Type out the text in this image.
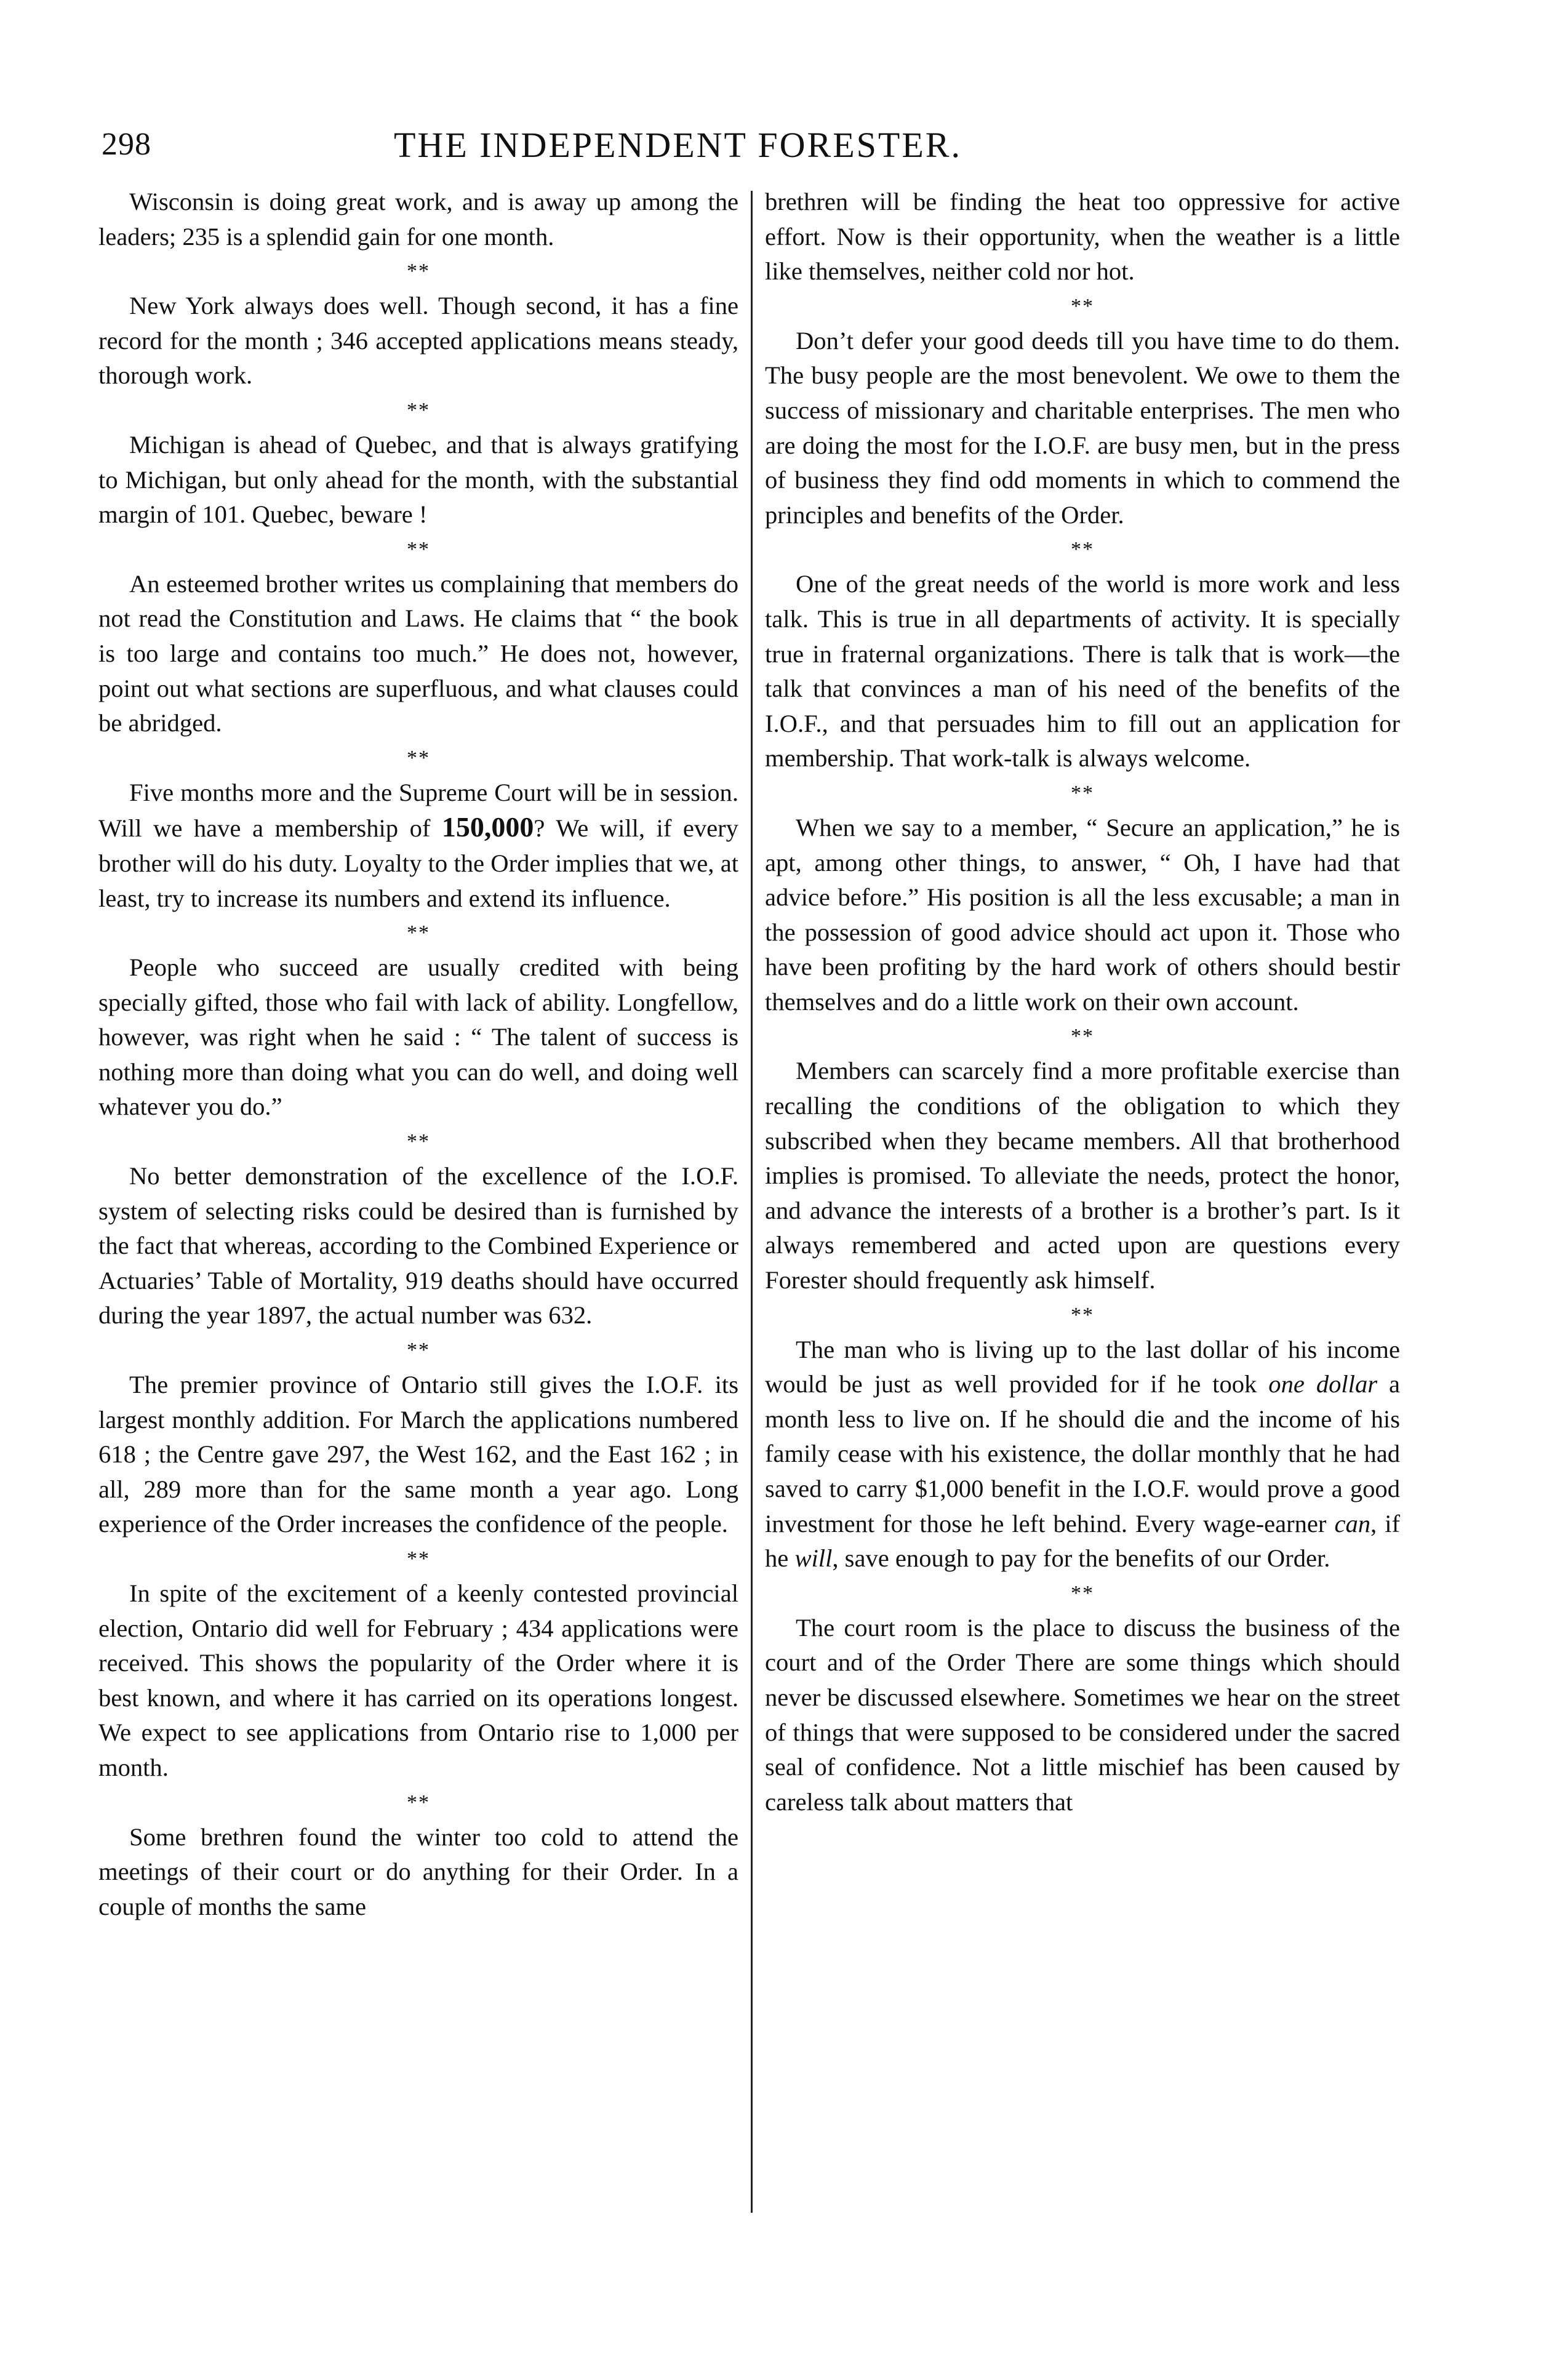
298	THE INDEPENDENT FORESTER.

Wisconsin is doing great work, and is away up among the leaders; 235 is a splendid gain for one month.

**

New York always does well. Though second, it has a fine record for the month ; 346 accepted applications means steady, thorough work.

**

Michigan is ahead of Quebec, and that is always gratifying to Michigan, but only ahead for the month, with the substantial margin of 101. Quebec, beware !

**

An esteemed brother writes us complaining that members do not read the Constitution and Laws. He claims that “ the book is too large and contains too much.” He does not, however, point out what sections are superfluous, and what clauses could be abridged.

**

Five months more and the Supreme Court will be in session. Will we have a membership of 150,000? We will, if every brother will do his duty. Loyalty to the Order implies that we, at least, try to increase its numbers and extend its influence.

**

People who succeed are usually credited with being specially gifted, those who fail with lack of ability. Longfellow, however, was right when he said : “ The talent of success is nothing more than doing what you can do well, and doing well whatever you do.”

**

No better demonstration of the excellence of the I.O.F. system of selecting risks could be desired than is furnished by the fact that whereas, according to the Combined Experience or Actuaries’ Table of Mortality, 919 deaths should have occurred during the year 1897, the actual number was 632.

**

The premier province of Ontario still gives the I.O.F. its largest monthly addition. For March the applications numbered 618 ; the Centre gave 297, the West 162, and the East 162 ; in all, 289 more than for the same month a year ago. Long experience of the Order increases the confidence of the people.

**

In spite of the excitement of a keenly contested provincial election, Ontario did well for February ; 434 applications were received. This shows the popularity of the Order where it is best known, and where it has carried on its operations longest. We expect to see applications from Ontario rise to 1,000 per month.

**

Some brethren found the winter too cold to attend the meetings of their court or do anything for their Order. In a couple of months the same

brethren will be finding the heat too oppressive for active effort. Now is their opportunity, when the weather is a little like themselves, neither cold nor hot.

**

Don’t defer your good deeds till you have time to do them. The busy people are the most benevolent. We owe to them the success of missionary and charitable enterprises. The men who are doing the most for the I.O.F. are busy men, but in the press of business they find odd moments in which to commend the principles and benefits of the Order.

**

One of the great needs of the world is more work and less talk. This is true in all departments of activity. It is specially true in fraternal organizations. There is talk that is work—the talk that convinces a man of his need of the benefits of the I.O.F., and that persuades him to fill out an application for membership. That work-talk is always welcome.

**

When we say to a member, “ Secure an application,” he is apt, among other things, to answer, “ Oh, I have had that advice before.” His position is all the less excusable; a man in the possession of good advice should act upon it. Those who have been profiting by the hard work of others should bestir themselves and do a little work on their own account.

**

Members can scarcely find a more profitable exercise than recalling the conditions of the obligation to which they subscribed when they became members. All that brotherhood implies is promised. To alleviate the needs, protect the honor, and advance the interests of a brother is a brother’s part. Is it always remembered and acted upon are questions every Forester should frequently ask himself.

**

The man who is living up to the last dollar of his income would be just as well provided for if he took one dollar a month less to live on. If he should die and the income of his family cease with his existence, the dollar monthly that he had saved to carry $1,000 benefit in the I.O.F. would prove a good investment for those he left behind. Every wage-earner can, if he will, save enough to pay for the benefits of our Order.

**

The court room is the place to discuss the business of the court and of the Order There are some things which should never be discussed elsewhere. Sometimes we hear on the street of things that were supposed to be considered under the sacred seal of confidence. Not a little mischief has been caused by careless talk about matters that
